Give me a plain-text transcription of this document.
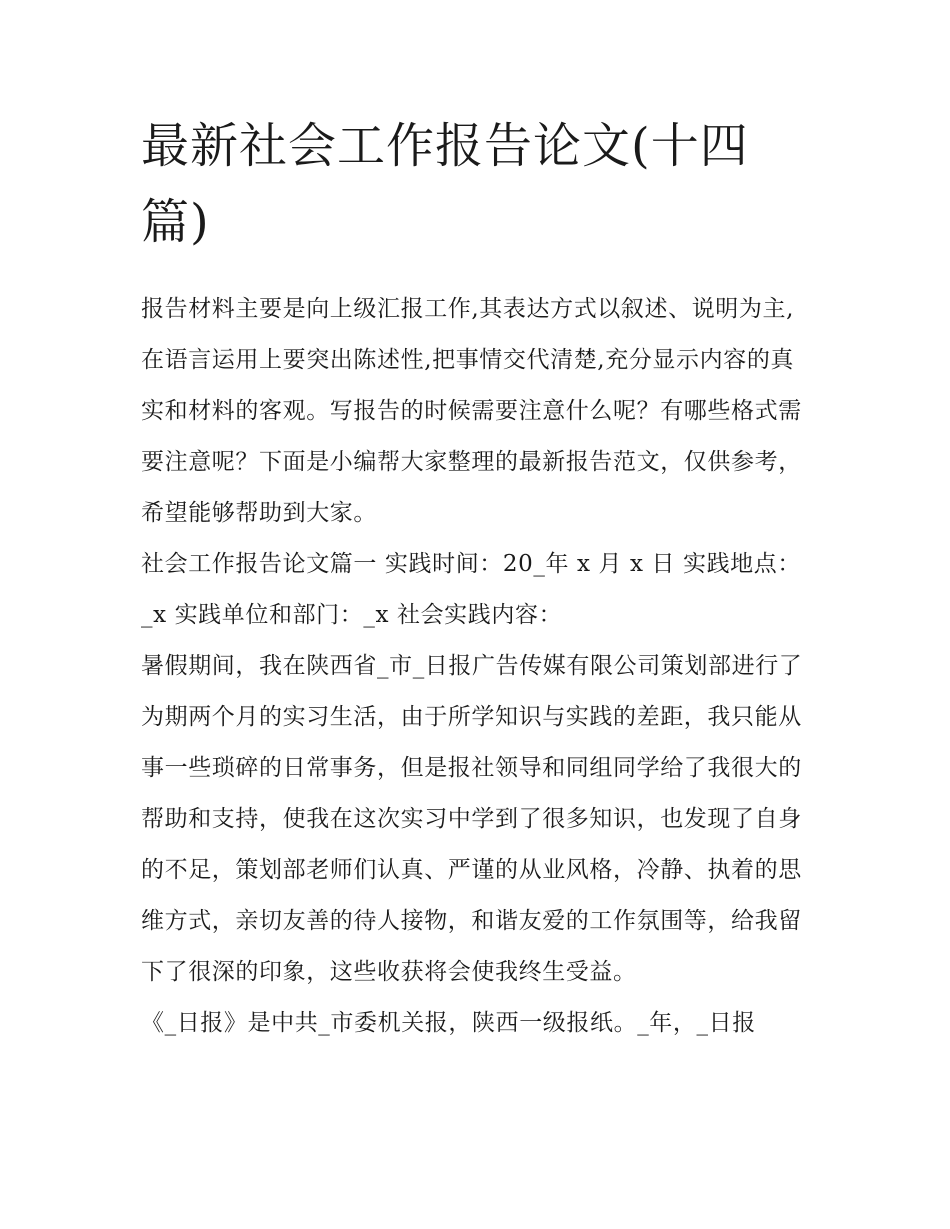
最新社会工作报告论文(十四篇)

报告材料主要是向上级汇报工作,其表达方式以叙述、说明为主,在语言运用上要突出陈述性,把事情交代清楚,充分显示内容的真实和材料的客观。写报告的时候需要注意什么呢？有哪些格式需要注意呢？下面是小编帮大家整理的最新报告范文，仅供参考，希望能够帮助到大家。

社会工作报告论文篇一 实践时间：20_年 x 月 x 日 实践地点：_x 实践单位和部门：_x 社会实践内容：

暑假期间，我在陕西省_市_日报广告传媒有限公司策划部进行了为期两个月的实习生活，由于所学知识与实践的差距，我只能从事一些琐碎的日常事务，但是报社领导和同组同学给了我很大的帮助和支持，使我在这次实习中学到了很多知识，也发现了自身的不足，策划部老师们认真、严谨的从业风格，冷静、执着的思维方式，亲切友善的待人接物，和谐友爱的工作氛围等，给我留下了很深的印象，这些收获将会使我终生受益。

《_日报》是中共_市委机关报，陕西一级报纸。_年，_日报
